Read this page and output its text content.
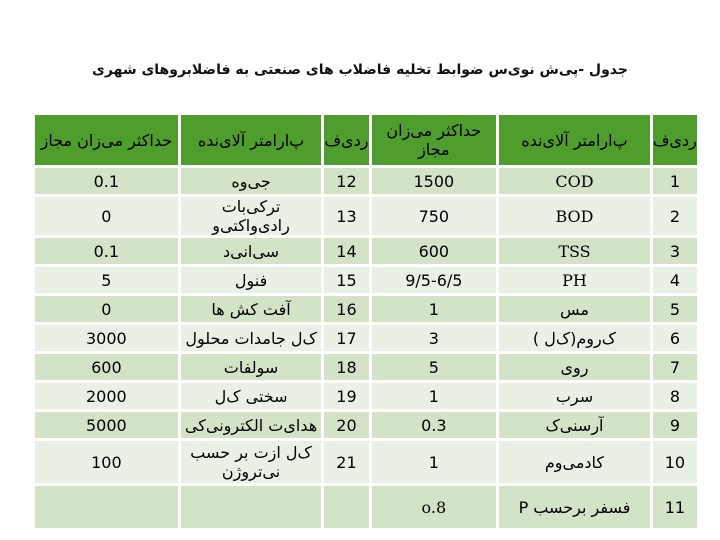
جدول -پی‌ش نوی‌س ضوابط تخلیه فاضلاب های صنعتی به فاضلابروهای شهری
ردی‌ف	پ‌ارامتر آلای‌نده	حداکثر می‌زان مجاز	ردی‌ف	پ‌ارامتر آلای‌نده	حداکثر می‌زان مجاز
1	COD	1500	12	جی‌وه	0.1
2	BOD	750	13	ترکی‌بات رادی‌واکتی‌و	0
3	TSS	600	14	سی‌انی‌د	0.1
4	PH	9/5-6/5	15	فنول	5
5	مس	1	16	آفت کش ها	0
6	ک‌روم(ک‌ل )	3	17	ک‌ل جامدات محلول	3000
7	روی	5	18	سولفات	600
8	سرب	1	19	سختی ک‌ل	2000
9	آرسنی‌ک	0.3	20	هدای‌ت الکترونی‌کی	5000
10	کادمی‌وم	1	21	ک‌ل ازت بر حسب نی‌تروژن	100
11	فسفر برحسب P	o.8			
